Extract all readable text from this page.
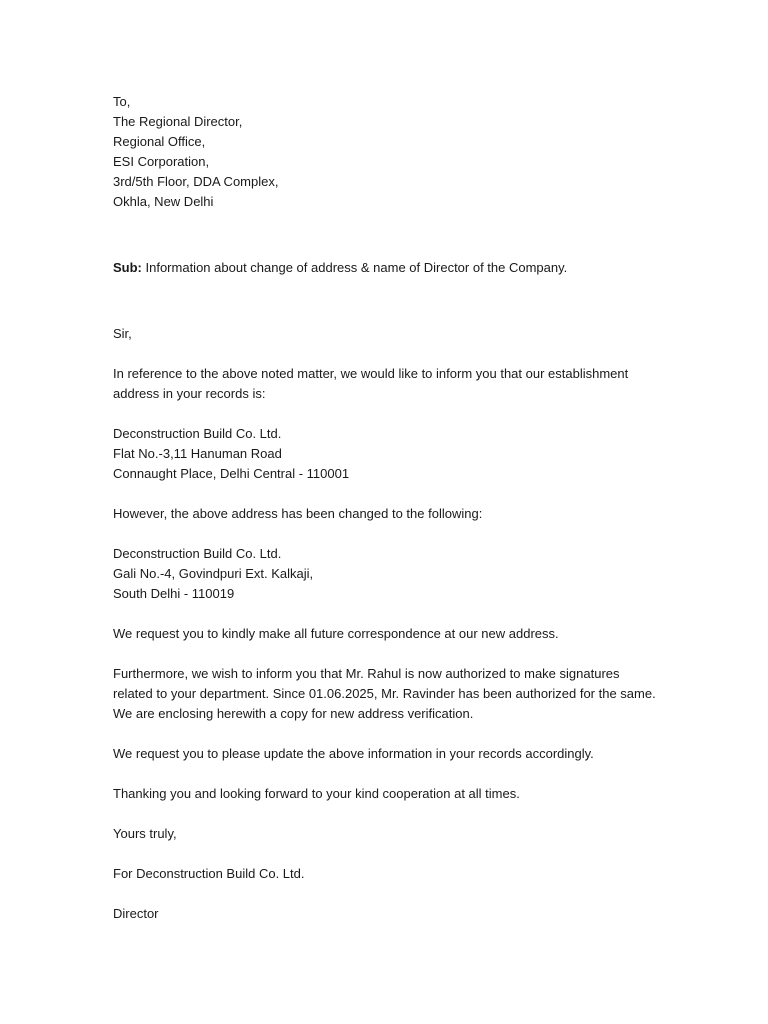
To,
The Regional Director,
Regional Office,
ESI Corporation,
3rd/5th Floor, DDA Complex,
Okhla, New Delhi
Sub: Information about change of address & name of Director of the Company.
Sir,
In reference to the above noted matter, we would like to inform you that our establishment
address in your records is:
Deconstruction Build Co. Ltd.
Flat No.-3,11 Hanuman Road
Connaught Place, Delhi Central - 110001
However, the above address has been changed to the following:
Deconstruction Build Co. Ltd.
Gali No.-4, Govindpuri Ext. Kalkaji,
South Delhi - 110019
We request you to kindly make all future correspondence at our new address.
Furthermore, we wish to inform you that Mr. Rahul is now authorized to make signatures
related to your department. Since 01.06.2025, Mr. Ravinder has been authorized for the same.
We are enclosing herewith a copy for new address verification.
We request you to please update the above information in your records accordingly.
Thanking you and looking forward to your kind cooperation at all times.
Yours truly,
For Deconstruction Build Co. Ltd.
Director
